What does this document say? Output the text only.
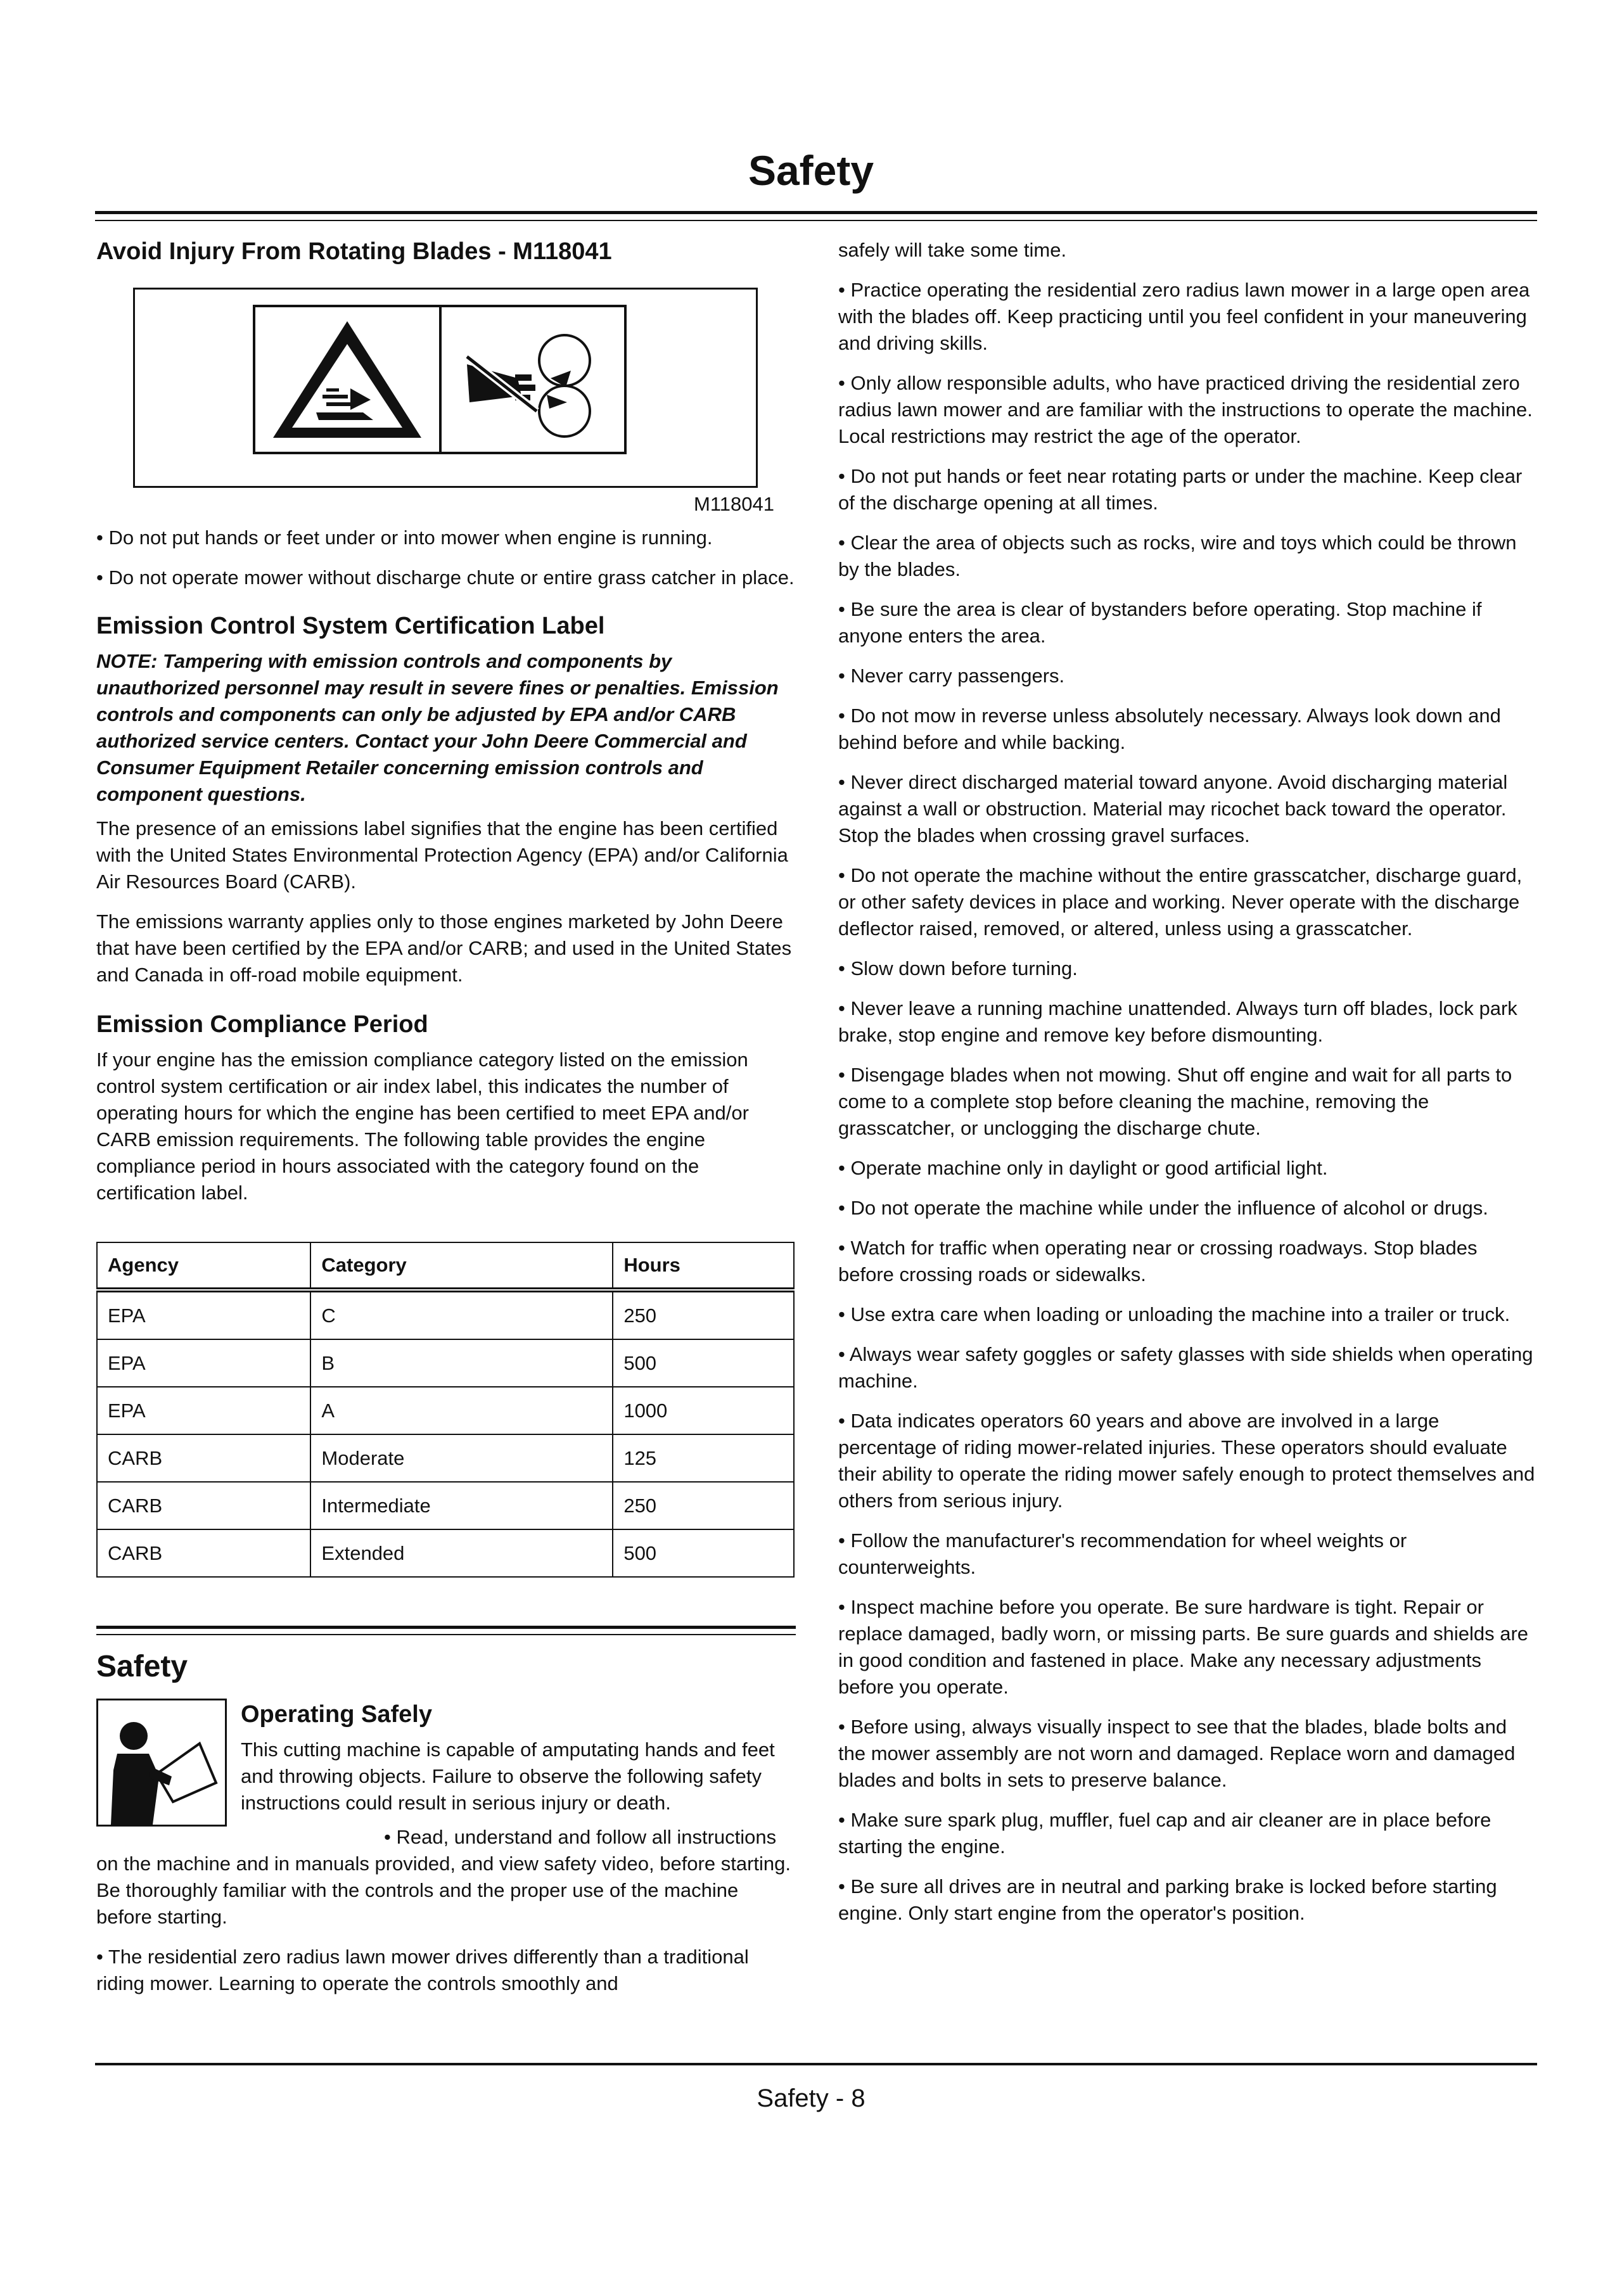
Safety
Avoid Injury From Rotating Blades - M118041
M118041

• Do not put hands or feet under or into mower when engine is running.

• Do not operate mower without discharge chute or entire grass catcher in place.

Emission Control System Certification Label

NOTE: Tampering with emission controls and components by unauthorized personnel may result in severe fines or penalties. Emission controls and components can only be adjusted by EPA and/or CARB authorized service centers. Contact your John Deere Commercial and Consumer Equipment Retailer concerning emission controls and component questions.

The presence of an emissions label signifies that the engine has been certified with the United States Environmental Protection Agency (EPA) and/or California Air Resources Board (CARB).

The emissions warranty applies only to those engines marketed by John Deere that have been certified by the EPA and/or CARB; and used in the United States and Canada in off-road mobile equipment.

Emission Compliance Period

If your engine has the emission compliance category listed on the emission control system certification or air index label, this indicates the number of operating hours for which the engine has been certified to meet EPA and/or CARB emission requirements. The following table provides the engine compliance period in hours associated with the category found on the certification label.

Agency	Category	Hours
EPA	C	250
EPA	B	500
EPA	A	1000
CARB	Moderate	125
CARB	Intermediate	250
CARB	Extended	500
Safety
Operating Safely

This cutting machine is capable of amputating hands and feet and throwing objects. Failure to observe the following safety instructions could result in serious injury or death.

• Read, understand and follow all instructions on the machine and in manuals provided, and view safety video, before starting. Be thoroughly familiar with the controls and the proper use of the machine before starting.

• The residential zero radius lawn mower drives differently than a traditional riding mower. Learning to operate the controls smoothly and

safely will take some time.

• Practice operating the residential zero radius lawn mower in a large open area with the blades off. Keep practicing until you feel confident in your maneuvering and driving skills.

• Only allow responsible adults, who have practiced driving the residential zero radius lawn mower and are familiar with the instructions to operate the machine. Local restrictions may restrict the age of the operator.

• Do not put hands or feet near rotating parts or under the machine. Keep clear of the discharge opening at all times.

• Clear the area of objects such as rocks, wire and toys which could be thrown by the blades.

• Be sure the area is clear of bystanders before operating. Stop machine if anyone enters the area.

• Never carry passengers.

• Do not mow in reverse unless absolutely necessary. Always look down and behind before and while backing.

• Never direct discharged material toward anyone. Avoid discharging material against a wall or obstruction. Material may ricochet back toward the operator. Stop the blades when crossing gravel surfaces.

• Do not operate the machine without the entire grasscatcher, discharge guard, or other safety devices in place and working. Never operate with the discharge deflector raised, removed, or altered, unless using a grasscatcher.

• Slow down before turning.

• Never leave a running machine unattended. Always turn off blades, lock park brake, stop engine and remove key before dismounting.

• Disengage blades when not mowing. Shut off engine and wait for all parts to come to a complete stop before cleaning the machine, removing the grasscatcher, or unclogging the discharge chute.

• Operate machine only in daylight or good artificial light.

• Do not operate the machine while under the influence of alcohol or drugs.

• Watch for traffic when operating near or crossing roadways. Stop blades before crossing roads or sidewalks.

• Use extra care when loading or unloading the machine into a trailer or truck.

• Always wear safety goggles or safety glasses with side shields when operating machine.

• Data indicates operators 60 years and above are involved in a large percentage of riding mower-related injuries. These operators should evaluate their ability to operate the riding mower safely enough to protect themselves and others from serious injury.

• Follow the manufacturer's recommendation for wheel weights or counterweights.

• Inspect machine before you operate. Be sure hardware is tight. Repair or replace damaged, badly worn, or missing parts. Be sure guards and shields are in good condition and fastened in place. Make any necessary adjustments before you operate.

• Before using, always visually inspect to see that the blades, blade bolts and the mower assembly are not worn and damaged. Replace worn and damaged blades and bolts in sets to preserve balance.

• Make sure spark plug, muffler, fuel cap and air cleaner are in place before starting the engine.

• Be sure all drives are in neutral and parking brake is locked before starting engine. Only start engine from the operator's position.

Safety - 8
